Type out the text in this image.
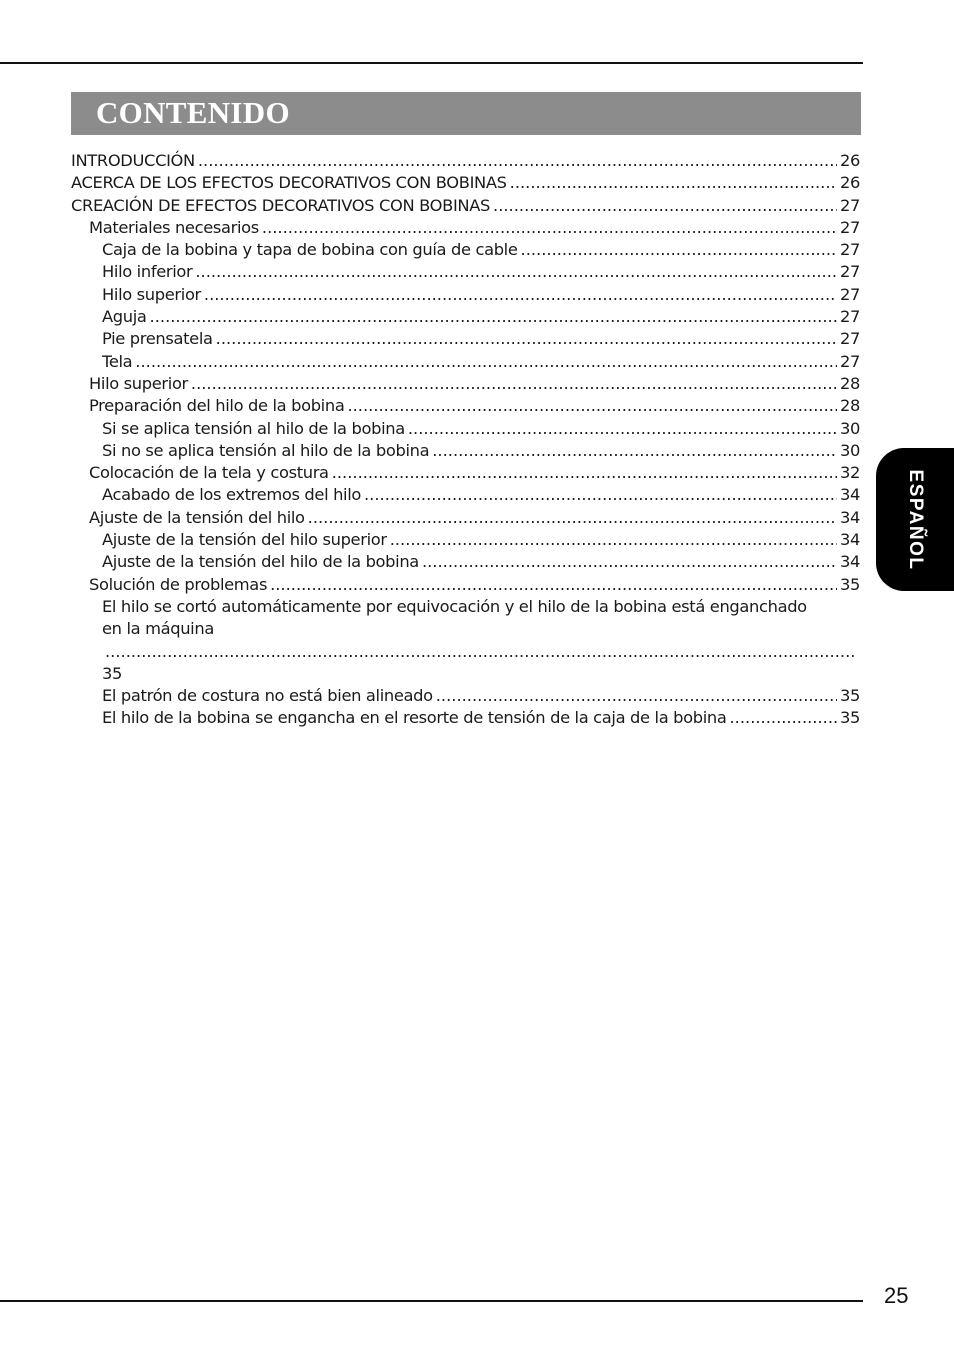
CONTENIDO
INTRODUCCIÓN .....	26
ACERCA DE LOS EFECTOS DECORATIVOS CON BOBINAS .....	26
CREACIÓN DE EFECTOS DECORATIVOS CON BOBINAS .....	27
Materiales necesarios .....	27
Caja de la bobina y tapa de bobina con guía de cable .....	27
Hilo inferior .....	27
Hilo superior .....	27
Aguja .....	27
Pie prensatela .....	27
Tela .....	27
Hilo superior .....	28
Preparación del hilo de la bobina .....	28
Si se aplica tensión al hilo de la bobina .....	30
Si no se aplica tensión al hilo de la bobina .....	30
Colocación de la tela y costura .....	32
Acabado de los extremos del hilo .....	34
Ajuste de la tensión del hilo .....	34
Ajuste de la tensión del hilo superior .....	34
Ajuste de la tensión del hilo de la bobina .....	34
Solución de problemas .....	35
El hilo se cortó automáticamente por equivocación y el hilo de la bobina está enganchado
en la máquina
.....
35
El patrón de costura no está bien alineado .....	35
El hilo de la bobina se engancha en el resorte de tensión de la caja de la bobina .....	35
ESPAÑOL
25
